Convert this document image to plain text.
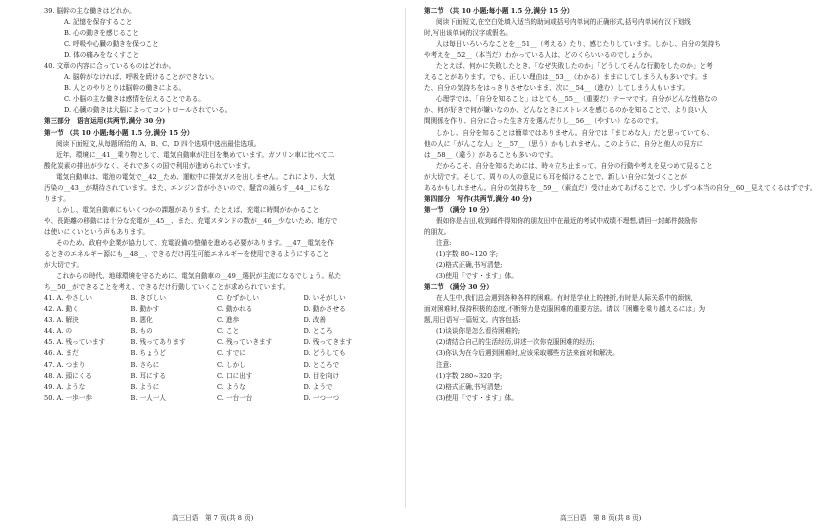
39. 脳幹の主な働きはどれか。
A. 記憶を保存すること
B. 心の動きを感じること
C. 呼吸や心臓の動きを保つこと
D. 体の痛みをなくすこと
40. 文章の内容に合っているものはどれか。
A. 脳幹がなければ、呼吸を続けることができない。
B. 人とのやりとりは脳幹の働きによる。
C. 小脳の主な働きは感情を伝えることである。
D. 心臓の動きは大脳によってコントロールされている。
第三部分　语言运用(共两节,满分 30 分)
第一节 （共 10 小题;每小题 1.5 分,满分 15 分）
阅读下面短文,从每题所给的 A、B、C、D 四个选项中选出最佳选项。
近年、環境に__41__乗り物として、電気自動車が注目を集めています。ガソリン車に比べて二
酸化炭素の排出が少なく、それで多くの国で利用が進められています。
電気自動車は、電池の電気で__42__ため、運転中に排気ガスを出しません。これにより、大気
汚染の__43__が期待されています。また、エンジン音が小さいので、騒音の減らす__44__にもな
ります。
しかし、電気自動車にもいくつかの課題があります。たとえば、充電に時間がかかること
や、長距離の移動には十分な充電が__45__、また、充電スタンドの数が__46__少ないため、地方で
は使いにくいという声もあります。
そのため、政府や企業が協力して、充電設備の整備を進める必要があります。__47__電気を作
るときのエネルギー源にも__48__、できるだけ再生可能エネルギーを使用できるようにすること
が大切です。
これからの時代、地球環境を守るために、電気自動車の__49__選択が主流になるでしょう。私た
ち__50__ができることを考え、できるだけ行動していくことが求められています。
41. A. やさしい	B. きびしい	C. むずかしい	D. いそがしい
42. A. 動く	B. 動かす	C. 動かれる	D. 動かさせる
43. A. 解決	B. 悪化	C. 進歩	D. 改善
44. A. の	B. もの	C. こと	D. ところ
45. A. 残っています	B. 残ってあります	C. 残っていきます	D. 残ってきます
46. A. まだ	B. ちょうど	C. すでに	D. どうしても
47. A. つまり	B. さらに	C. しかし	D. ところで
48. A. 頭にくる	B. 耳にする	C. 口に出す	D. 目を向け
49. A. ような	B. ように	C. ような	D. ようで
50. A. 一歩一歩	B. 一人一人	C. 一台一台	D. 一つ一つ
第二节 （共 10 小题;每小题 1.5 分,满分 15 分）
阅读下面短文,在空白处填入适当的助词或括号内单词的正确形式,括号内单词有汉下划线
时,写出该单词的汉字或假名。
人は毎日いろいろなことを__51__（考える）たり、感じたりしています。しかし、自分の気持ち
や考えを__52__（本当だ）わかっている人は、どのくらいいるのでしょうか。
たとえば、何かに失敗したとき、「なぜ失敗したのか」「どうしてそんな行動をしたのか」と考
えることがあります。でも、正しい理由は__53__（わかる）ままにしてしまう人も多いです。ま
た、自分の気持ちをはっきりさせないまま、次に__54__（進む）してしまう人もいます。
心理学では、「自分を知ること」はとても__55__（重要だ）テーマです。自分がどんな性格なの
か、何が好きで何が嫌いなのか、どんなときにストレスを感じるのかを知ることで、より良い人
間関係を作り、自分に合った生き方を選んだりし__56__（やすい）なるのです。
しかし、自分を知ることは簡単ではありません。自分では「まじめな人」だと思っていても、
他の人に「がんこな人」と__57__（思う）かもしれません。このように、自分と他人の見方に
は__58__（違う）があることも多いのです。
だからこそ、自分を知るためには、時々立ち止まって、自分の行動や考えを見つめて見ること
が大切です。そして、周りの人の意見にも耳を傾けることで、新しい自分に気づくことが
あるかもしれません。自分の気持ちを__59__（素直だ）受け止めてあげることで、少しずつ本当の自分__60__見えてくるはずです。
第四部分　写作(共两节,满分 40 分)
第一节 （满分 10 分）
假如你是吉田,收到邮件得知你的朋友田中在最近的考试中成绩不理想,请回一封邮件鼓励你
的朋友。
注意:
(1)字数 80~120 字;
(2)格式正确,书写清楚;
(3)使用「です・ます」体。
第二节 （满分 30 分）
在人生中,我们总会遇到各种各样的困难。有时是学业上的挫折,有时是人际关系中的烦恼,
面对困难时,保持积极的态度,不断努力是克服困难的重要方法。请以「困難を乗り越えるには」为
题,用日语写一篇短文。内容包括:
(1)谈谈你是怎么看待困难的;
(2)请结合自己的生活经历,讲述一次你克服困难的经历;
(3)你认为在今后遇到困难时,应该采取哪些方法来面对和解决。
注意:
(1)字数 280~320 字;
(2)格式正确,书写清楚;
(3)使用「です・ます」体。
高三日语　第 7 页(共 8 页)	高三日语　第 8 页(共 8 页)
